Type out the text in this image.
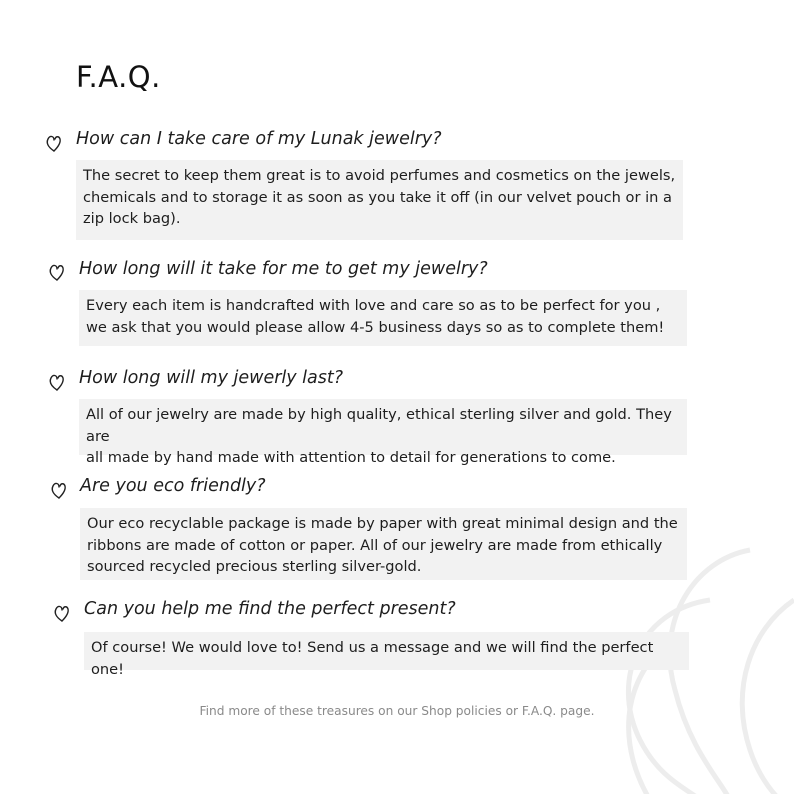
F.A.Q.
How can I take care of my Lunak jewelry?

The secret to keep them great is to avoid perfumes and cosmetics on the jewels,
chemicals and to storage it as soon as you take it off (in our velvet pouch or in a
zip lock bag).

How long will it take for me to get my jewelry?

Every each item is handcrafted with love and care so as to be perfect for you ,
we ask that you would please allow 4-5 business days so as to complete them!

How long will my jewerly last?

All of our jewelry are made by high quality, ethical sterling silver and gold. They are
all made by hand made with attention to detail for generations to come.

Are you eco friendly?

Our eco recyclable package is made by paper with great minimal design and the
ribbons are made of cotton or paper. All of our jewelry are made from ethically
sourced recycled precious sterling silver-gold.

Can you help me find the perfect present?

Of course! We would love to! Send us a message and we will find the perfect one!

Find more of these treasures on our Shop policies or F.A.Q. page.
